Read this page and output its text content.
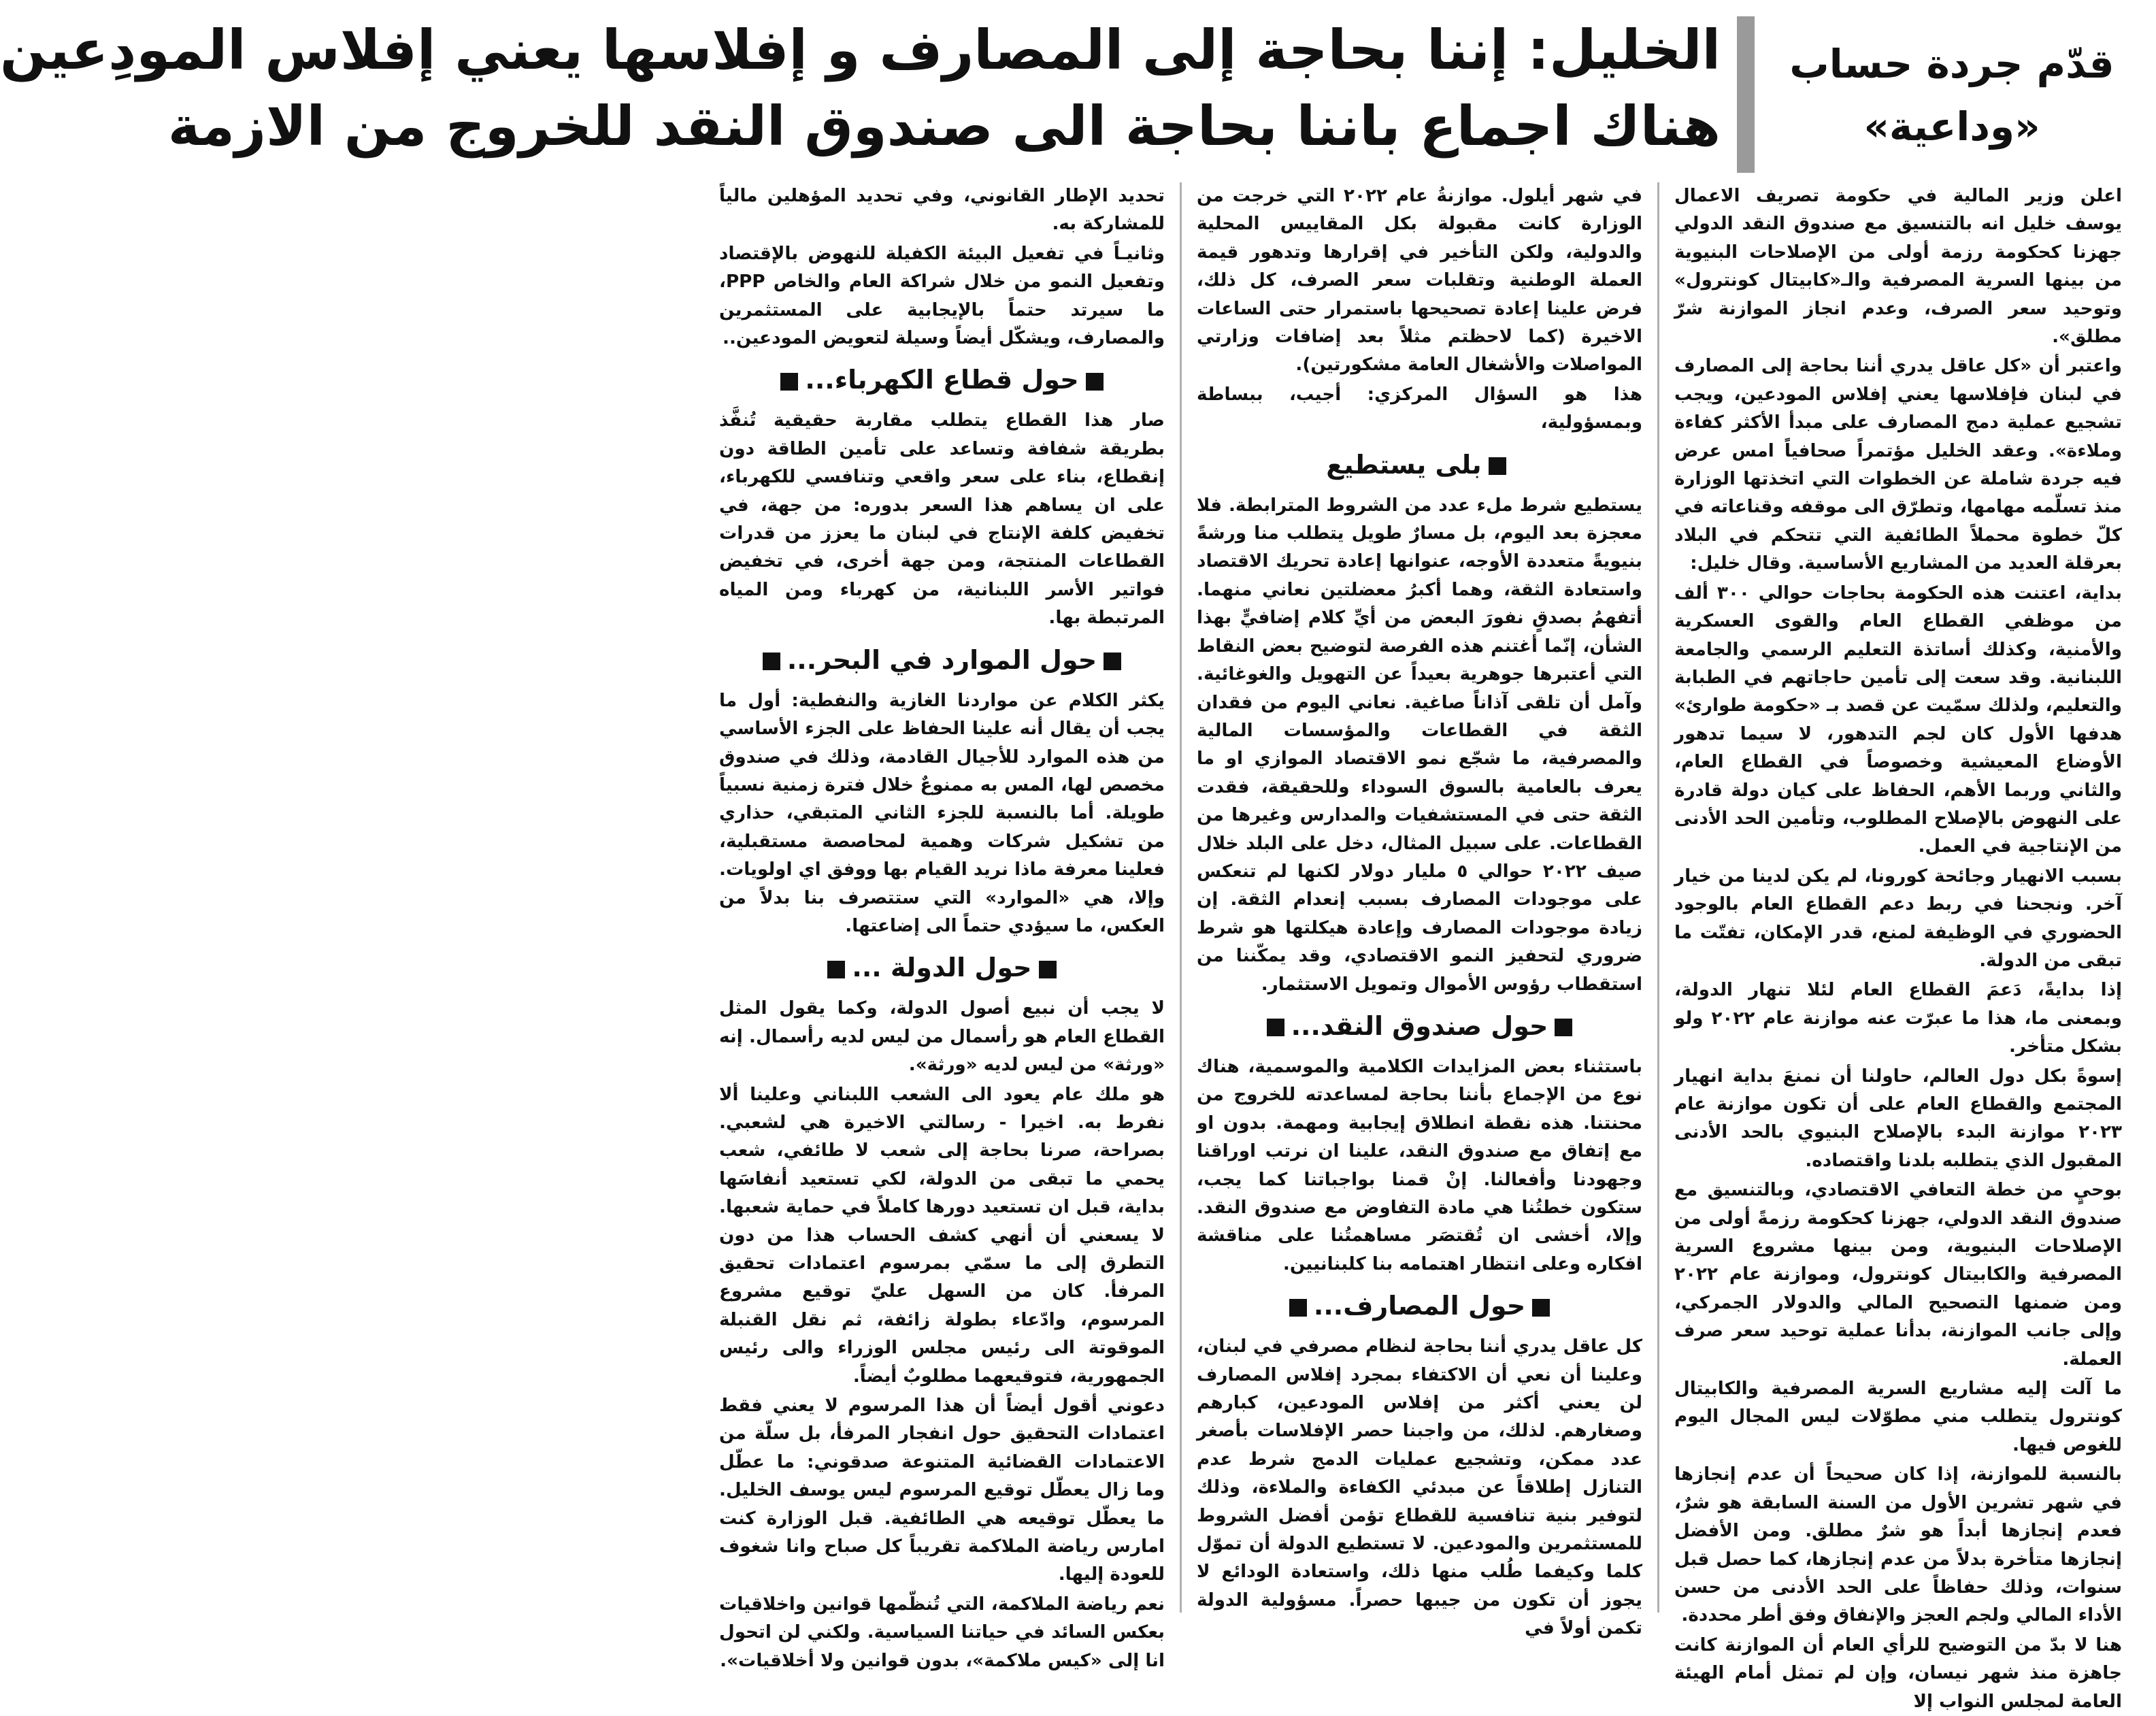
قدّم جردة حساب
«وداعية»
الخليل: إننا بحاجة إلى المصارف و إفلاسها يعني إفلاس المودِعين
هناك اجماع باننا بحاجة الى صندوق النقد للخروج من الازمة

اعلن وزير المالية في حكومة تصريف الاعمال يوسف خليل انه بالتنسيق مع صندوق النقد الدولي جهزنا كحكومة رزمة أولى من الإصلاحات البنيوية من بينها السرية المصرفية والـ«كابيتال كونترول» وتوحيد سعر الصرف، وعدم انجاز الموازنة شرّ مطلق».

واعتبر أن «كل عاقل يدري أننا بحاجة إلى المصارف في لبنان فإفلاسها يعني إفلاس المودعين، ويجب تشجيع عملية دمج المصارف على مبدأ الأكثر كفاءة وملاءة». وعقد الخليل مؤتمراً صحافياً امس عرض فيه جردة شاملة عن الخطوات التي اتخذتها الوزارة منذ تسلّمه مهامها، وتطرّق الى موقفه وقناعاته في كلّ خطوة محملاً الطائفية التي تتحكم في البلاد بعرقلة العديد من المشاريع الأساسية. وقال خليل:

بداية، اعتنت هذه الحكومة بحاجات حوالي ٣٠٠ ألف من موظفي القطاع العام والقوى العسكرية والأمنية، وكذلك أساتذة التعليم الرسمي والجامعة اللبنانية. وقد سعت إلى تأمين حاجاتهم في الطبابة والتعليم، ولذلك سمّيت عن قصد بـ «حكومة طوارئ» هدفها الأول كان لجم التدهور، لا سيما تدهور الأوضاع المعيشية وخصوصاً في القطاع العام، والثاني وربما الأهم، الحفاظ على كيان دولة قادرة على النهوض بالإصلاح المطلوب، وتأمين الحد الأدنى من الإنتاجية في العمل.

بسبب الانهيار وجائحة كورونا، لم يكن لدينا من خيار آخر. ونجحنا في ربط دعم القطاع العام بالوجود الحضوري في الوظيفة لمنع، قدر الإمكان، تفتّت ما تبقى من الدولة.

إذا بدايةً، دَعمَ القطاع العام لئلا تنهار الدولة، وبمعنى ما، هذا ما عبرّت عنه موازنة عام ٢٠٢٢ ولو بشكل متأخر.

إسوةً بكل دول العالم، حاولنا أن نمنعَ بداية انهيار المجتمع والقطاع العام على أن تكون موازنة عام ٢٠٢٣ موازنة البدء بالإصلاح البنيوي بالحد الأدنى المقبول الذي يتطلبه بلدنا واقتصاده.

بوحيٍ من خطة التعافي الاقتصادي، وبالتنسيق مع صندوق النقد الدولي، جهزنا كحكومة رزمةً أولى من الإصلاحات البنيوية، ومن بينها مشروع السرية المصرفية والكابيتال كونترول، وموازنة عام ٢٠٢٢ ومن ضمنها التصحيح المالي والدولار الجمركي، وإلى جانب الموازنة، بدأنا عملية توحيد سعر صرف العملة.

ما آلت إليه مشاريع السرية المصرفية والكابيتال كونترول يتطلب مني مطوّلات ليس المجال اليوم للغوص فيها.

بالنسبة للموازنة، إذا كان صحيحاً أن عدم إنجازها في شهر تشرين الأول من السنة السابقة هو شرٌ، فعدم إنجازها أبداً هو شرٌ مطلق. ومن الأفضل إنجازها متأخرة بدلاً من عدم إنجازها، كما حصل قبل سنوات، وذلك حفاظاً على الحد الأدنى من حسن الأداء المالي ولجم العجز والإنفاق وفق أطر محددة.

هنا لا بدّ من التوضيح للرأي العام أن الموازنة كانت جاهزة منذ شهر نيسان، وإن لم تمثل أمام الهيئة العامة لمجلس النواب إلا

في شهر أيلول. موازنةُ عام ٢٠٢٢ التي خرجت من الوزارة كانت مقبولة بكل المقاييس المحلية والدولية، ولكن التأخير في إقرارها وتدهور قيمة العملة الوطنية وتقلبات سعر الصرف، كل ذلك، فرض علينا إعادة تصحيحها باستمرار حتى الساعات الاخيرة (كما لاحظتم مثلاً بعد إضافات وزارتي المواصلات والأشغال العامة مشكورتين).

هذا هو السؤال المركزي: أجيب، ببساطة وبمسؤولية،

بلى يستطيع

يستطيع شرط ملء عدد من الشروط المترابطة. فلا معجزة بعد اليوم، بل مسارٌ طويل يتطلب منا ورشةً بنيويةً متعددة الأوجه، عنوانها إعادة تحريك الاقتصاد واستعادة الثقة، وهما أكبرُ معضلتين نعاني منهما. أتفهمُ بصدقٍ نفورَ البعض من أيِّ كلام إضافيٍّ بهذا الشأن، إنّما أغتنم هذه الفرصة لتوضيح بعض النقاط التي أعتبرها جوهرية بعيداً عن التهويل والغوغائية. وآمل أن تلقى آذاناً صاغية. نعاني اليوم من فقدان الثقة في القطاعات والمؤسسات المالية والمصرفية، ما شجّع نمو الاقتصاد الموازي او ما يعرف بالعامية بالسوق السوداء وللحقيقة، فقدت الثقة حتى في المستشفيات والمدارس وغيرها من القطاعات. على سبيل المثال، دخل على البلد خلال صيف ٢٠٢٢ حوالي ٥ مليار دولار لكنها لم تنعكس على موجودات المصارف بسبب إنعدام الثقة. إن زيادة موجودات المصارف وإعادة هيكلتها هو شرط ضروري لتحفيز النمو الاقتصادي، وقد يمكّننا من استقطاب رؤوس الأموال وتمويل الاستثمار.

حول صندوق النقد...

باستثناء بعض المزايدات الكلامية والموسمية، هناك نوع من الإجماع بأننا بحاجة لمساعدته للخروج من محنتنا. هذه نقطة انطلاق إيجابية ومهمة. بدون او مع إتفاق مع صندوق النقد، علينا ان نرتب اوراقنا وجهودنا وأفعالنا. إنْ قمنا بواجباتنا كما يجب، ستكون خطتُنا هي مادة التفاوض مع صندوق النقد. وإلا، أخشى ان تُقتصَر مساهمتُنا على مناقشة افكاره وعلى انتظار اهتمامه بنا كلبنانيين.

حول المصارف...

كل عاقل يدري أننا بحاجة لنظام مصرفي في لبنان، وعلينا أن نعي أن الاكتفاء بمجرد إفلاس المصارف لن يعني أكثر من إفلاس المودعين، كبارهم وصغارهم. لذلك، من واجبنا حصر الإفلاسات بأصغر عدد ممكن، وتشجيع عمليات الدمج شرط عدم التنازل إطلاقاً عن مبدئي الكفاءة والملاءة، وذلك لتوفير بنية تنافسية للقطاع تؤمن أفضل الشروط للمستثمرين والمودعين. لا تستطيع الدولة أن تموّل كلما وكيفما طُلب منها ذلك، واستعادة الودائع لا يجوز أن تكون من جيبها حصراً. مسؤولية الدولة تكمن أولاً في

تحديد الإطار القانوني، وفي تحديد المؤهلين مالياً للمشاركة به.

وثانيـاً في تفعيل البيئة الكفيلة للنهوض بالإقتصاد وتفعيل النمو من خلال شراكة العام والخاص PPP، ما سيرتد حتماً بالإيجابية على المستثمرين والمصارف، ويشكّل أيضاً وسيلة لتعويض المودعين..

حول قطاع الكهرباء...

صار هذا القطاع يتطلب مقاربة حقيقية تُنفَّذ بطريقة شفافة وتساعد على تأمين الطاقة دون إنقطاع، بناء على سعر واقعي وتنافسي للكهرباء، على ان يساهم هذا السعر بدوره: من جهة، في تخفيض كلفة الإنتاج في لبنان ما يعزز من قدرات القطاعات المنتجة، ومن جهة أخرى، في تخفيض فواتير الأسر اللبنانية، من كهرباء ومن المياه المرتبطة بها.

حول الموارد في البحر...

يكثر الكلام عن مواردنا الغازية والنفطية: أول ما يجب أن يقال أنه علينا الحفاظ على الجزء الأساسي من هذه الموارد للأجيال القادمة، وذلك في صندوق مخصص لها، المس به ممنوعٌ خلال فترة زمنية نسبياً طويلة. أما بالنسبة للجزء الثاني المتبقي، حذاري من تشكيل شركات وهمية لمحاصصة مستقبلية، فعلينا معرفة ماذا نريد القيام بها ووفق اي اولويات. وإلا، هي «الموارد» التي ستتصرف بنا بدلاً من العكس، ما سيؤدي حتماً الى إضاعتها.

حول الدولة ...

لا يجب أن نبيع أصول الدولة، وكما يقول المثل القطاع العام هو رأسمال من ليس لديه رأسمال. إنه «ورثة» من ليس لديه «ورثة».

هو ملك عام يعود الى الشعب اللبناني وعلينا ألا نفرط به. اخيرا - رسالتي الاخيرة هي لشعبي. بصراحة، صرنا بحاجة إلى شعب لا طائفي، شعب يحمي ما تبقى من الدولة، لكي تستعيد أنفاسَها بداية، قبل ان تستعيد دورها كاملاً في حماية شعبها. لا يسعني أن أنهي كشف الحساب هذا من دون التطرق إلى ما سمّي بمرسوم اعتمادات تحقيق المرفأ. كان من السهل عليّ توقيع مشروع المرسوم، وادّعاء بطولة زائفة، ثم نقل القنبلة الموقوتة الى رئيس مجلس الوزراء والى رئيس الجمهورية، فتوقيعهما مطلوبٌ أيضاً.

دعوني أقول أيضاً أن هذا المرسوم لا يعني فقط اعتمادات التحقيق حول انفجار المرفأ، بل سلّة من الاعتمادات القضائية المتنوعة صدقوني: ما عطّل وما زال يعطّل توقيع المرسوم ليس يوسف الخليل. ما يعطّل توقيعه هي الطائفية. قبل الوزارة كنت امارس رياضة الملاكمة تقريباً كل صباح وانا شغوف للعودة إليها.

نعم رياضة الملاكمة، التي تُنظّمها قوانين واخلاقيات بعكس السائد في حياتنا السياسية. ولكني لن اتحول انا إلى «كيس ملاكمة»، بدون قوانين ولا أخلاقيات».
